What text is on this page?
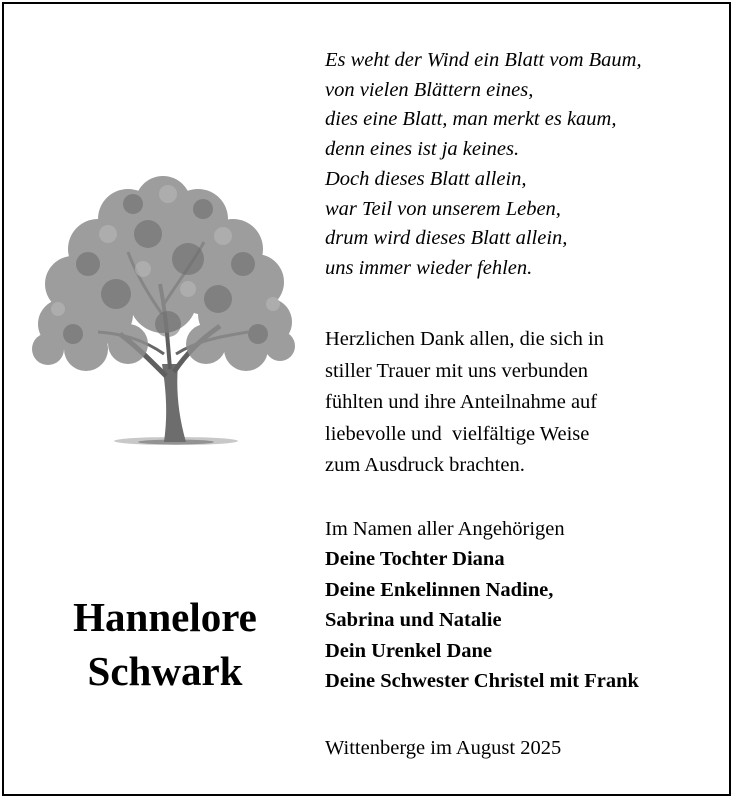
Es weht der Wind ein Blatt vom Baum,
von vielen Blättern eines,
dies eine Blatt, man merkt es kaum,
denn eines ist ja keines.
Doch dieses Blatt allein,
war Teil von unserem Leben,
drum wird dieses Blatt allein,
uns immer wieder fehlen.
Herzlichen Dank allen, die sich in
stiller Trauer mit uns verbunden
fühlten und ihre Anteilnahme auf
liebevolle und  vielfältige Weise
zum Ausdruck brachten.
Im Namen aller Angehörigen
Deine Tochter Diana
Deine Enkelinnen Nadine,
Sabrina und Natalie
Dein Urenkel Dane
Deine Schwester Christel mit Frank
Wittenberge im August 2025
Hannelore
Schwark
